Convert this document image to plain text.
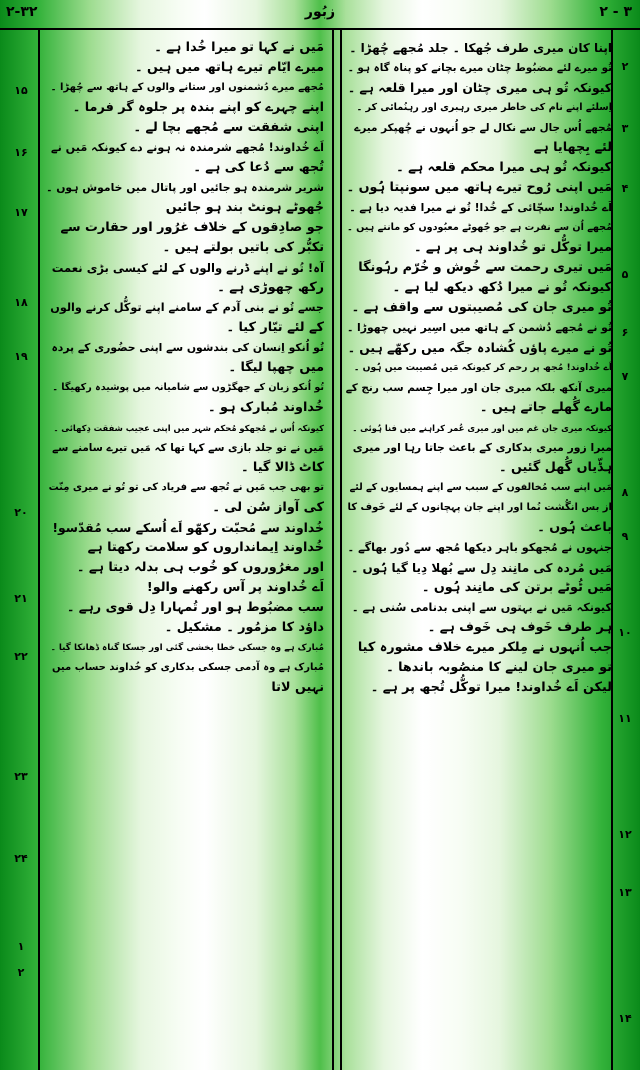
۲-۳۲	زبُور	۲ - ۳
مَیں نے کہا تو میرا خُدا ہے ۔
میرے ایّام تیرے ہاتھ میں ہیں ۔
مُجھے میرے دُشمنوں اور ستانے والوں کے ہاتھ سے چُھڑا ۔
اپنے چہرے کو اپنے بندہ پر جلوہ گر فرما ۔
اپنی شفقت سے مُجھے بچا لے ۔
اَے خُداوند! مُجھے شرمندہ نہ ہونے دے کیونکہ مَیں نے
تُجھ سے دُعا کی ہے ۔
شریر شرمندہ ہو جائیں اور پاتال میں خاموش ہوں ۔
جُھوٹے ہونٹ بند ہو جائیں
جو صادِقوں کے خلاف غرُور اور حقارت سے
تکبُّر کی باتیں بولتے ہیں ۔
آہ! تُو نے اپنے ڈرنے والوں کے لئے کیسی بڑی نعمت
رکھ چھوڑی ہے ۔
جسے تُو نے بنی آدم کے سامنے اپنے توکُّل کرنے والوں
کے لئے تیّار کیا ۔
تُو اُنکو اِنسان کی بندشوں سے اپنی حضُوری کے پردہ
میں چھپا لیگا ۔
تُو اُنکو زبان کے جھگڑوں سے شامیانہ میں پوشیدہ رکھیگا ۔
خُداوند مُبارک ہو ۔
کیونکہ اُس نے مُجھکو مُحکم شہر میں اپنی عجیب شفقت دِکھائی ۔
مَیں نے تو جلد بازی سے کہا تھا کہ مَیں تیرے سامنے سے
کاٹ ڈالا گیا ۔
تو بھی جب مَیں نے تُجھ سے فریاد کی تو تُو نے میری مِنّت
کی آواز سُن لی ۔
خُداوند سے مُحبّت رکھّو اَے اُسکے سب مُقدّسو!
خُداوند اِیمانداروں کو سلامت رکھتا ہے
اور مغرُوروں کو خُوب ہی بدلہ دیتا ہے ۔
اَے خُداوند پر آس رکھنے والو!
سب مضبُوط ہو اور تُمہارا دِل قوی رہے ۔
داؤد کا مزمُور ۔ مشکیل ۔
مُبارک ہے وہ جسکی خطا بخشی گئی اور جسکا گناہ ڈھانکا گیا ۔
مُبارک ہے وہ آدمی جسکی بدکاری کو خُداوند حساب میں
نہیں لاتا
اپنا کان میری طرف جُھکا ۔ جلد مُجھے چُھڑا ۔
تُو میرے لئے مضبُوط چٹان میرے بچانے کو پناہ گاہ ہو ۔
کیونکہ تُو ہی میری چٹان اور میرا قلعہ ہے ۔
اِسلئے اپنے نام کی خاطر میری رہبری اور رہنُمائی کر ۔
مُجھے اُس جال سے نکال لے جو اُنہوں نے چُھپکر میرے
لئے بِچھایا ہے
کیونکہ تُو ہی میرا محکم قلعہ ہے ۔
مَیں اپنی رُوح تیرے ہاتھ میں سونپتا ہُوں ۔
اَے خُداوند! سچّائی کے خُدا! تُو نے میرا فدیہ دیا ہے ۔
مُجھے اُن سے نفرت ہے جو جُھوٹے معبُودوں کو مانتے ہیں ۔
میرا توکُّل تو خُداوند ہی پر ہے ۔
مَیں تیری رحمت سے خُوش و خُرّم رہُونگا
کیونکہ تُو نے میرا دُکھ دیکھ لیا ہے ۔
تُو میری جان کی مُصیبتوں سے واقف ہے ۔
تُو نے مُجھے دُشمن کے ہاتھ میں اسِیر نہیں چھوڑا ۔
تُو نے میرے پاؤں کُشادہ جگہ میں رکھّے ہیں ۔
اَے خُداوند! مُجھ پر رحم کر کیونکہ مَیں مُصیبت میں ہُوں ۔
میری آنکھ بلکہ میری جان اور میرا جِسم سب رنج کے
مارے گُھلے جاتے ہیں ۔
کیونکہ میری جان غم میں اور میری عُمر کراہنے میں فنا ہُوئی ۔
میرا زور میری بدکاری کے باعث جاتا رہا اور میری
ہڈّیاں گُھل گئیں ۔
مَیں اپنے سب مُخالفوں کے سبب سے اپنے ہمسایوں کے لئے
از بس انگُشت نُما اور اپنے جان پہچانوں کے لئے خَوف کا
باعث ہُوں ۔
جنہوں نے مُجھکو باہر دیکھا مُجھ سے دُور بھاگے ۔
مَیں مُردہ کی مانِند دِل سے بُھلا دِیا گیا ہُوں ۔
مَیں ٹُوٹے برتن کی مانِند ہُوں ۔
کیونکہ مَیں نے بہتوں سے اپنی بدنامی سُنی ہے ۔
ہر طرف خَوف ہی خَوف ہے ۔
جب اُنہوں نے مِلکر میرے خلاف مشورہ کیا
تو میری جان لینے کا منصُوبہ باندھا ۔
لیکن اَے خُداوند! میرا توکُّل تُجھ پر ہے ۔
۱۵
۱۶
۱۷
۱۸
۱۹
۲۰
۲۱
۲۲
۲۳
۲۴
۱
۲
۲
۳
۴
۵
۶
۷
۸
۹
۱۰
۱۱
۱۲
۱۳
۱۴
